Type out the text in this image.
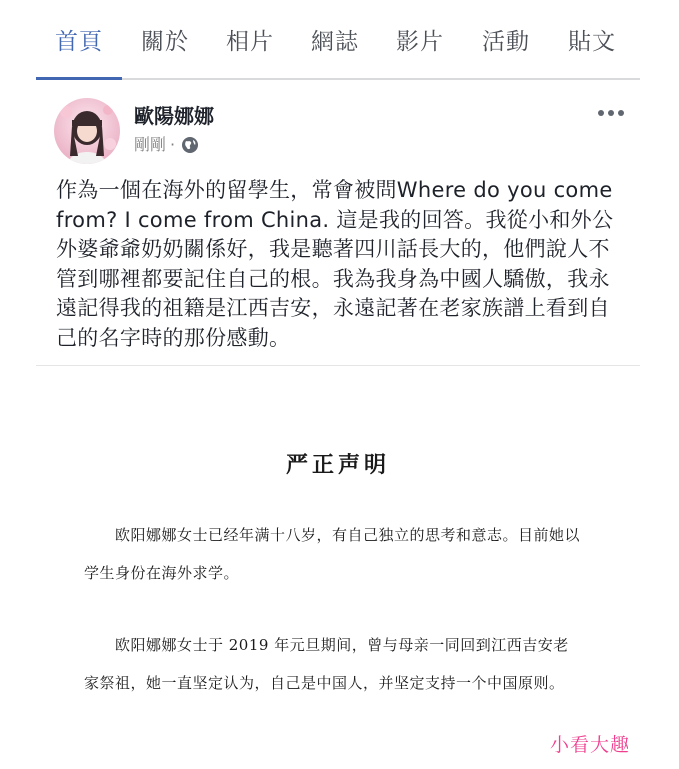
首頁 關於 相片 網誌 影片 活動 貼文
歐陽娜娜
剛剛 ·
作為一個在海外的留學生，常會被問Where do you come from? I come from China. 這是我的回答。我從小和外公外婆爺爺奶奶關係好，我是聽著四川話長大的，他們說人不管到哪裡都要記住自己的根。我為我身為中國人驕傲，我永遠記得我的祖籍是江西吉安，永遠記著在老家族譜上看到自己的名字時的那份感動。
严正声明
欧阳娜娜女士已经年满十八岁，有自己独立的思考和意志。目前她以学生身份在海外求学。
欧阳娜娜女士于 2019 年元旦期间，曾与母亲一同回到江西吉安老家祭祖，她一直坚定认为，自己是中国人，并坚定支持一个中国原则。
小看大趣
